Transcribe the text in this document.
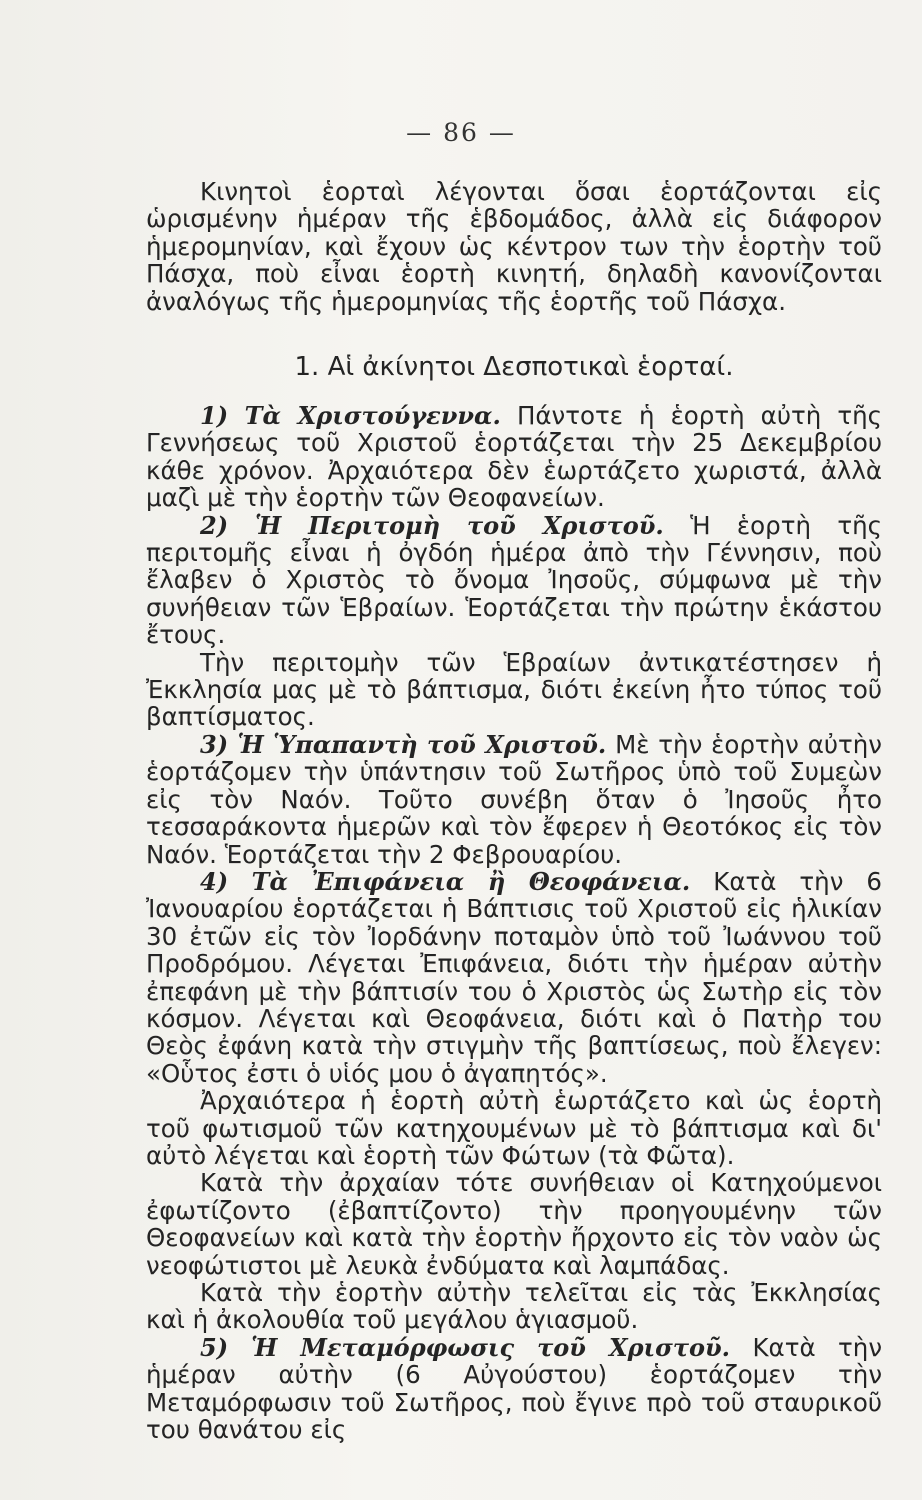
— 86 —

Κινητοὶ ἑορταὶ λέγονται ὅσαι ἑορτάζονται εἰς ὡρισμένην ἡμέραν τῆς ἑβδομάδος, ἀλλὰ εἰς διάφορον ἡμερομηνίαν, καὶ ἔχουν ὡς κέντρον των τὴν ἑορτὴν τοῦ Πάσχα, ποὺ εἶναι ἑορτὴ κινητή, δηλαδὴ κανονίζονται ἀναλόγως τῆς ἡμερομηνίας τῆς ἑορτῆς τοῦ Πάσχα.

1. Αἱ ἀκίνητοι Δεσποτικαὶ ἑορταί.

1) Τὰ Χριστούγεννα. Πάντοτε ἡ ἑορτὴ αὐτὴ τῆς Γεννήσεως τοῦ Χριστοῦ ἑορτάζεται τὴν 25 Δεκεμβρίου κάθε χρόνον. Ἀρχαιότερα δὲν ἑωρτάζετο χωριστά, ἀλλὰ μαζὶ μὲ τὴν ἑορτὴν τῶν Θεοφανείων.

2) Ἡ Περιτομὴ τοῦ Χριστοῦ. Ἡ ἑορτὴ τῆς περιτομῆς εἶναι ἡ ὀγδόη ἡμέρα ἀπὸ τὴν Γέννησιν, ποὺ ἔλαβεν ὁ Χριστὸς τὸ ὄνομα Ἰησοῦς, σύμφωνα μὲ τὴν συνήθειαν τῶν Ἑβραίων. Ἑορτάζεται τὴν πρώτην ἑκάστου ἔτους.

Τὴν περιτομὴν τῶν Ἑβραίων ἀντικατέστησεν ἡ Ἐκκλησία μας μὲ τὸ βάπτισμα, διότι ἐκείνη ἦτο τύπος τοῦ βαπτίσματος.

3) Ἡ Ὑπαπαντὴ τοῦ Χριστοῦ. Μὲ τὴν ἑορτὴν αὐτὴν ἑορτάζομεν τὴν ὑπάντησιν τοῦ Σωτῆρος ὑπὸ τοῦ Συμεὼν εἰς τὸν Ναόν. Τοῦτο συνέβη ὅταν ὁ Ἰησοῦς ἦτο τεσσαράκοντα ἡμερῶν καὶ τὸν ἔφερεν ἡ Θεοτόκος εἰς τὸν Ναόν. Ἑορτάζεται τὴν 2 Φεβρουαρίου.

4) Τὰ Ἐπιφάνεια ἢ Θεοφάνεια. Κατὰ τὴν 6 Ἰανουαρίου ἑορτάζεται ἡ Βάπτισις τοῦ Χριστοῦ εἰς ἡλικίαν 30 ἐτῶν εἰς τὸν Ἰορδάνην ποταμὸν ὑπὸ τοῦ Ἰωάννου τοῦ Προδρόμου. Λέγεται Ἐπιφάνεια, διότι τὴν ἡμέραν αὐτὴν ἐπεφάνη μὲ τὴν βάπτισίν του ὁ Χριστὸς ὡς Σωτὴρ εἰς τὸν κόσμον. Λέγεται καὶ Θεοφάνεια, διότι καὶ ὁ Πατὴρ του Θεὸς ἐφάνη κατὰ τὴν στιγμὴν τῆς βαπτίσεως, ποὺ ἔλεγεν: «Οὗτος ἐστι ὁ υἱός μου ὁ ἀγαπητός».

Ἀρχαιότερα ἡ ἑορτὴ αὐτὴ ἑωρτάζετο καὶ ὡς ἑορτὴ τοῦ φωτισμοῦ τῶν κατηχουμένων μὲ τὸ βάπτισμα καὶ δι' αὐτὸ λέγεται καὶ ἑορτὴ τῶν Φώτων (τὰ Φῶτα).

Κατὰ τὴν ἀρχαίαν τότε συνήθειαν οἱ Κατηχούμενοι ἐφωτίζοντο (ἐβαπτίζοντο) τὴν προηγουμένην τῶν Θεοφανείων καὶ κατὰ τὴν ἑορτὴν ἤρχοντο εἰς τὸν ναὸν ὡς νεοφώτιστοι μὲ λευκὰ ἐνδύματα καὶ λαμπάδας.

Κατὰ τὴν ἑορτὴν αὐτὴν τελεῖται εἰς τὰς Ἐκκλησίας καὶ ἡ ἀκολουθία τοῦ μεγάλου ἁγιασμοῦ.

5) Ἡ Μεταμόρφωσις τοῦ Χριστοῦ. Κατὰ τὴν ἡμέραν αὐτὴν (6 Αὐγούστου) ἑορτάζομεν τὴν Μεταμόρφωσιν τοῦ Σωτῆρος, ποὺ ἔγινε πρὸ τοῦ σταυρικοῦ του θανάτου εἰς
